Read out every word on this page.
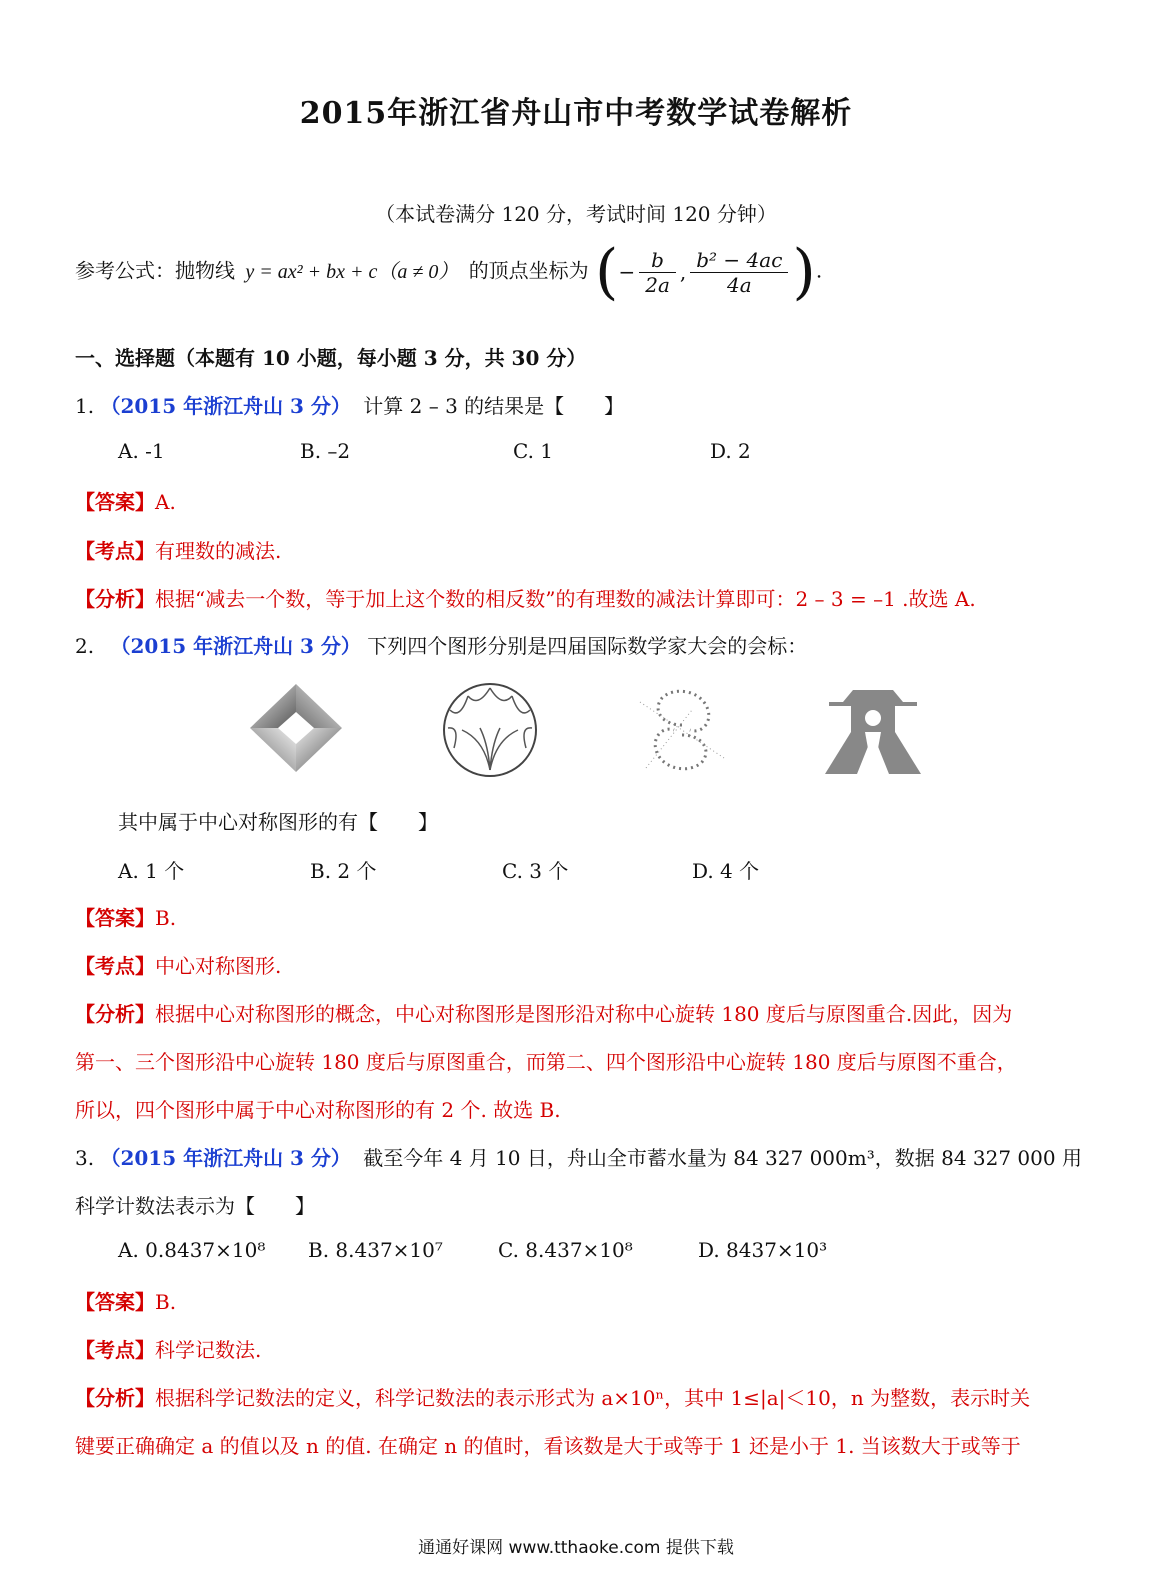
2015年浙江省舟山市中考数学试卷解析
（本试卷满分 120 分，考试时间 120 分钟）
参考公式：抛物线 y = ax² + bx + c（a ≠ 0） 的顶点坐标为 (− $\frac{b}{2a}$ , $\frac{\text{b² − 4ac}}{4a}$ ).
一、选择题（本题有 10 小题，每小题 3 分，共 30 分）
1. （2015 年浙江舟山 3 分） 计算 2 – 3 的结果是【　　】
A. -1	B. –2	C. 1	D. 2
【答案】A.
【考点】有理数的减法.
【分析】根据“减去一个数，等于加上这个数的相反数”的有理数的减法计算即可：2 – 3 = –1 .故选 A.
2. （2015 年浙江舟山 3 分） 下列四个图形分别是四届国际数学家大会的会标：
其中属于中心对称图形的有【　　】
A. 1 个	B. 2 个	C. 3 个	D. 4 个
【答案】B.
【考点】中心对称图形.
【分析】根据中心对称图形的概念，中心对称图形是图形沿对称中心旋转 180 度后与原图重合.因此，因为
第一、三个图形沿中心旋转 180 度后与原图重合，而第二、四个图形沿中心旋转 180 度后与原图不重合，
所以，四个图形中属于中心对称图形的有 2 个. 故选 B.
3. （2015 年浙江舟山 3 分） 截至今年 4 月 10 日，舟山全市蓄水量为 84 327 000m³，数据 84 327 000 用
科学计数法表示为【　　】
A. 0.8437×10⁸ B. 8.437×10⁷	C. 8.437×10⁸	D. 8437×10³
【答案】B.
【考点】科学记数法.
【分析】根据科学记数法的定义，科学记数法的表示形式为 a×10ⁿ，其中 1≤|a|＜10，n 为整数，表示时关
键要正确确定 a 的值以及 n 的值. 在确定 n 的值时，看该数是大于或等于 1 还是小于 1. 当该数大于或等于
通通好课网 www.tthaoke.com 提供下载
